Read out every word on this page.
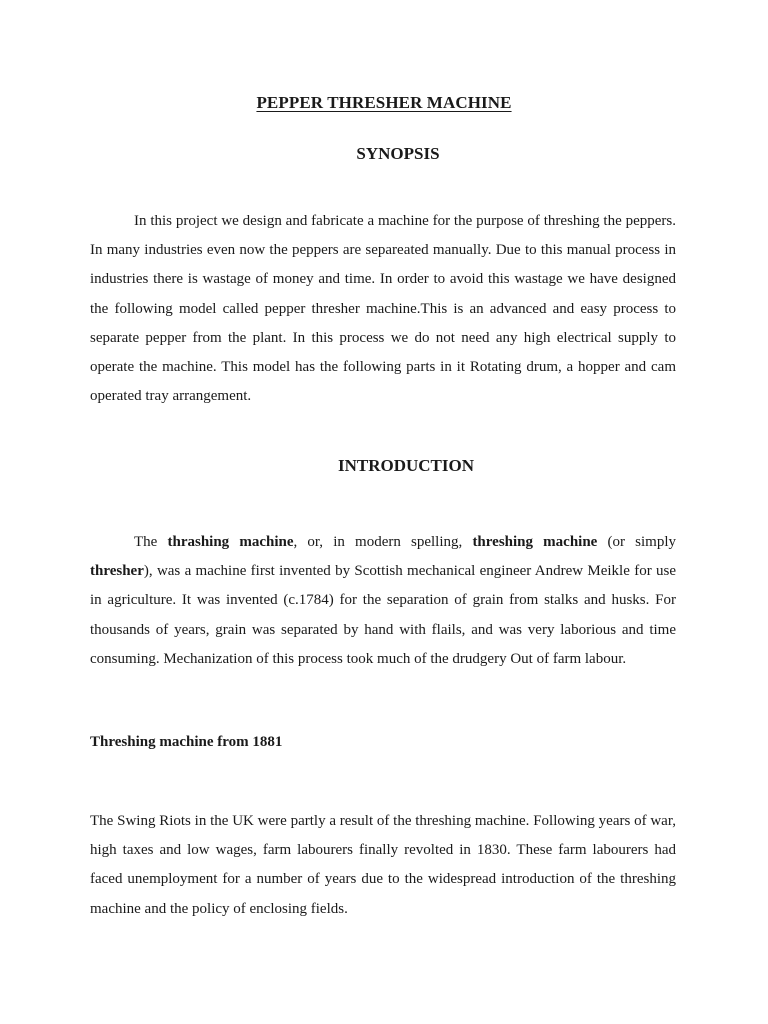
PEPPER THRESHER MACHINE
SYNOPSIS
In this project we design and fabricate a machine for the purpose of threshing the peppers. In many industries even now the peppers are separeated manually. Due to this manual process in industries there is wastage of money and time. In order to avoid this wastage we have designed the following model called pepper thresher machine.This is an advanced and easy process to separate pepper from the plant. In this process we do not need any high electrical supply to operate the machine. This model has the following parts in it Rotating drum, a hopper and cam operated tray arrangement.
INTRODUCTION
The thrashing machine, or, in modern spelling, threshing machine (or simply thresher), was a machine first invented by Scottish mechanical engineer Andrew Meikle for use in agriculture. It was invented (c.1784) for the separation of grain from stalks and husks. For thousands of years, grain was separated by hand with flails, and was very laborious and time consuming. Mechanization of this process took much of the drudgery Out of farm labour.
Threshing machine from 1881
The Swing Riots in the UK were partly a result of the threshing machine. Following years of war, high taxes and low wages, farm labourers finally revolted in 1830. These farm labourers had faced unemployment for a number of years due to the widespread introduction of the threshing machine and the policy of enclosing fields.
